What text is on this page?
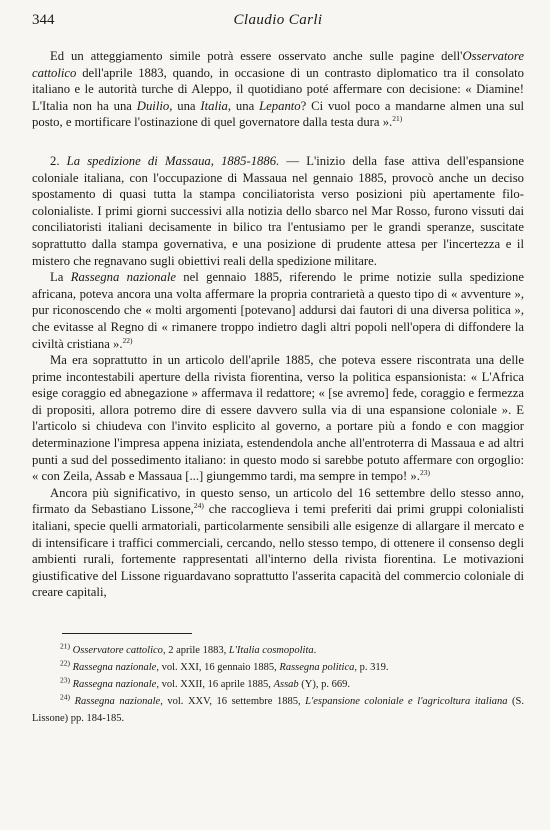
344	Claudio Carli

Ed un atteggiamento simile potrà essere osservato anche sulle pagine dell'Osservatore cattolico dell'aprile 1883, quando, in occasione di un contrasto diplomatico tra il consolato italiano e le autorità turche di Aleppo, il quotidiano poté affermare con decisione: « Diamine! L'Italia non ha una Duilio, una Italia, una Lepanto? Ci vuol poco a mandarne almen una sul posto, e mortificare l'ostinazione di quel governatore dalla testa dura ».$^{21)}$

2. La spedizione di Massaua, 1885-1886. — L'inizio della fase attiva dell'espansione coloniale italiana, con l'occupazione di Massaua nel gennaio 1885, provocò anche un deciso spostamento di quasi tutta la stampa conciliatorista verso posizioni più apertamente filo-colonialiste. I primi giorni successivi alla notizia dello sbarco nel Mar Rosso, furono vissuti dai conciliatoristi italiani decisamente in bilico tra l'entusiamo per le grandi speranze, suscitate soprattutto dalla stampa governativa, e una posizione di prudente attesa per l'incertezza e il mistero che regnavano sugli obiettivi reali della spedizione militare.

La Rassegna nazionale nel gennaio 1885, riferendo le prime notizie sulla spedizione africana, poteva ancora una volta affermare la propria contrarietà a questo tipo di « avventure », pur riconoscendo che « molti argomenti [potevano] addursi dai fautori di una diversa politica », che evitasse al Regno di « rimanere troppo indietro dagli altri popoli nell'opera di diffondere la civiltà cristiana ».$^{22)}$

Ma era soprattutto in un articolo dell'aprile 1885, che poteva essere riscontrata una delle prime incontestabili aperture della rivista fiorentina, verso la politica espansionista: « L'Africa esige coraggio ed abnegazione » affermava il redattore; « [se avremo] fede, coraggio e fermezza di propositi, allora potremo dire di essere davvero sulla via di una espansione coloniale ». E l'articolo si chiudeva con l'invito esplicito al governo, a portare più a fondo e con maggior determinazione l'impresa appena iniziata, estendendola anche all'entroterra di Massaua e ad altri punti a sud del possedimento italiano: in questo modo si sarebbe potuto affermare con orgoglio: « con Zeila, Assab e Massaua [...] giungemmo tardi, ma sempre in tempo! ».$^{23)}$

Ancora più significativo, in questo senso, un articolo del 16 settembre dello stesso anno, firmato da Sebastiano Lissone,$^{24)}$ che raccoglieva i temi preferiti dai primi gruppi colonialisti italiani, specie quelli armatoriali, particolarmente sensibili alle esigenze di allargare il mercato e di intensificare i traffici commerciali, cercando, nello stesso tempo, di ottenere il consenso degli ambienti rurali, fortemente rappresentati all'interno della rivista fiorentina. Le motivazioni giustificative del Lissone riguardavano soprattutto l'asserita capacità del commercio coloniale di creare capitali,

$^{21)}$ Osservatore cattolico, 2 aprile 1883, L'Italia cosmopolita.
$^{22)}$ Rassegna nazionale, vol. XXI, 16 gennaio 1885, Rassegna politica, p. 319.
$^{23)}$ Rassegna nazionale, vol. XXII, 16 aprile 1885, Assab (Y), p. 669.
$^{24)}$ Rassegna nazionale, vol. XXV, 16 settembre 1885, L'espansione coloniale e l'agricoltura italiana (S. Lissone) pp. 184-185.
